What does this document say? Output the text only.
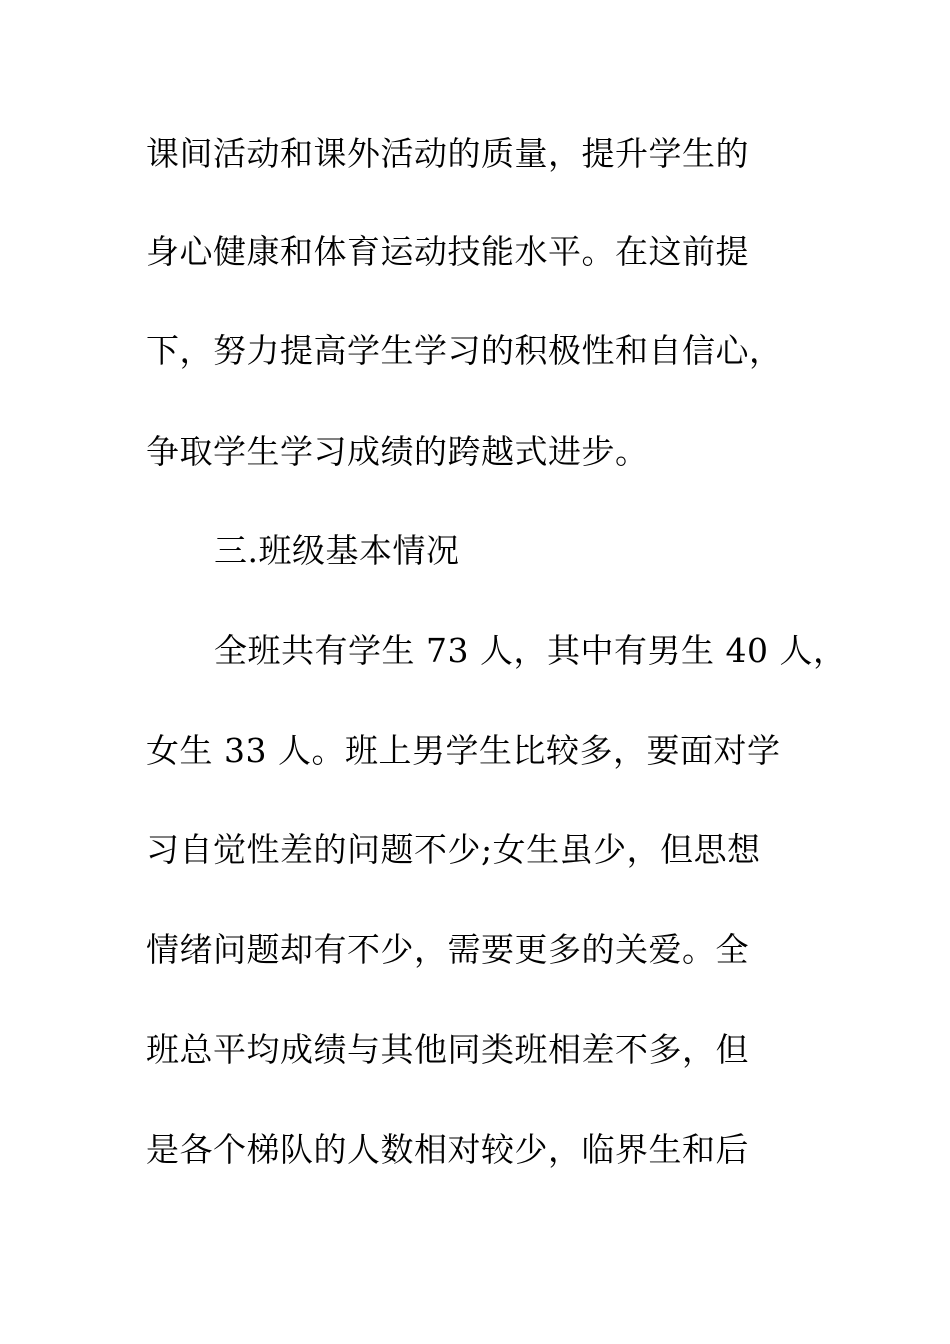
课间活动和课外活动的质量，提升学生的
身心健康和体育运动技能水平。在这前提
下，努力提高学生学习的积极性和自信心，
争取学生学习成绩的跨越式进步。
三.班级基本情况
全班共有学生 73 人，其中有男生 40 人，
女生 33 人。班上男学生比较多，要面对学
习自觉性差的问题不少;女生虽少，但思想
情绪问题却有不少，需要更多的关爱。全
班总平均成绩与其他同类班相差不多，但
是各个梯队的人数相对较少，临界生和后
